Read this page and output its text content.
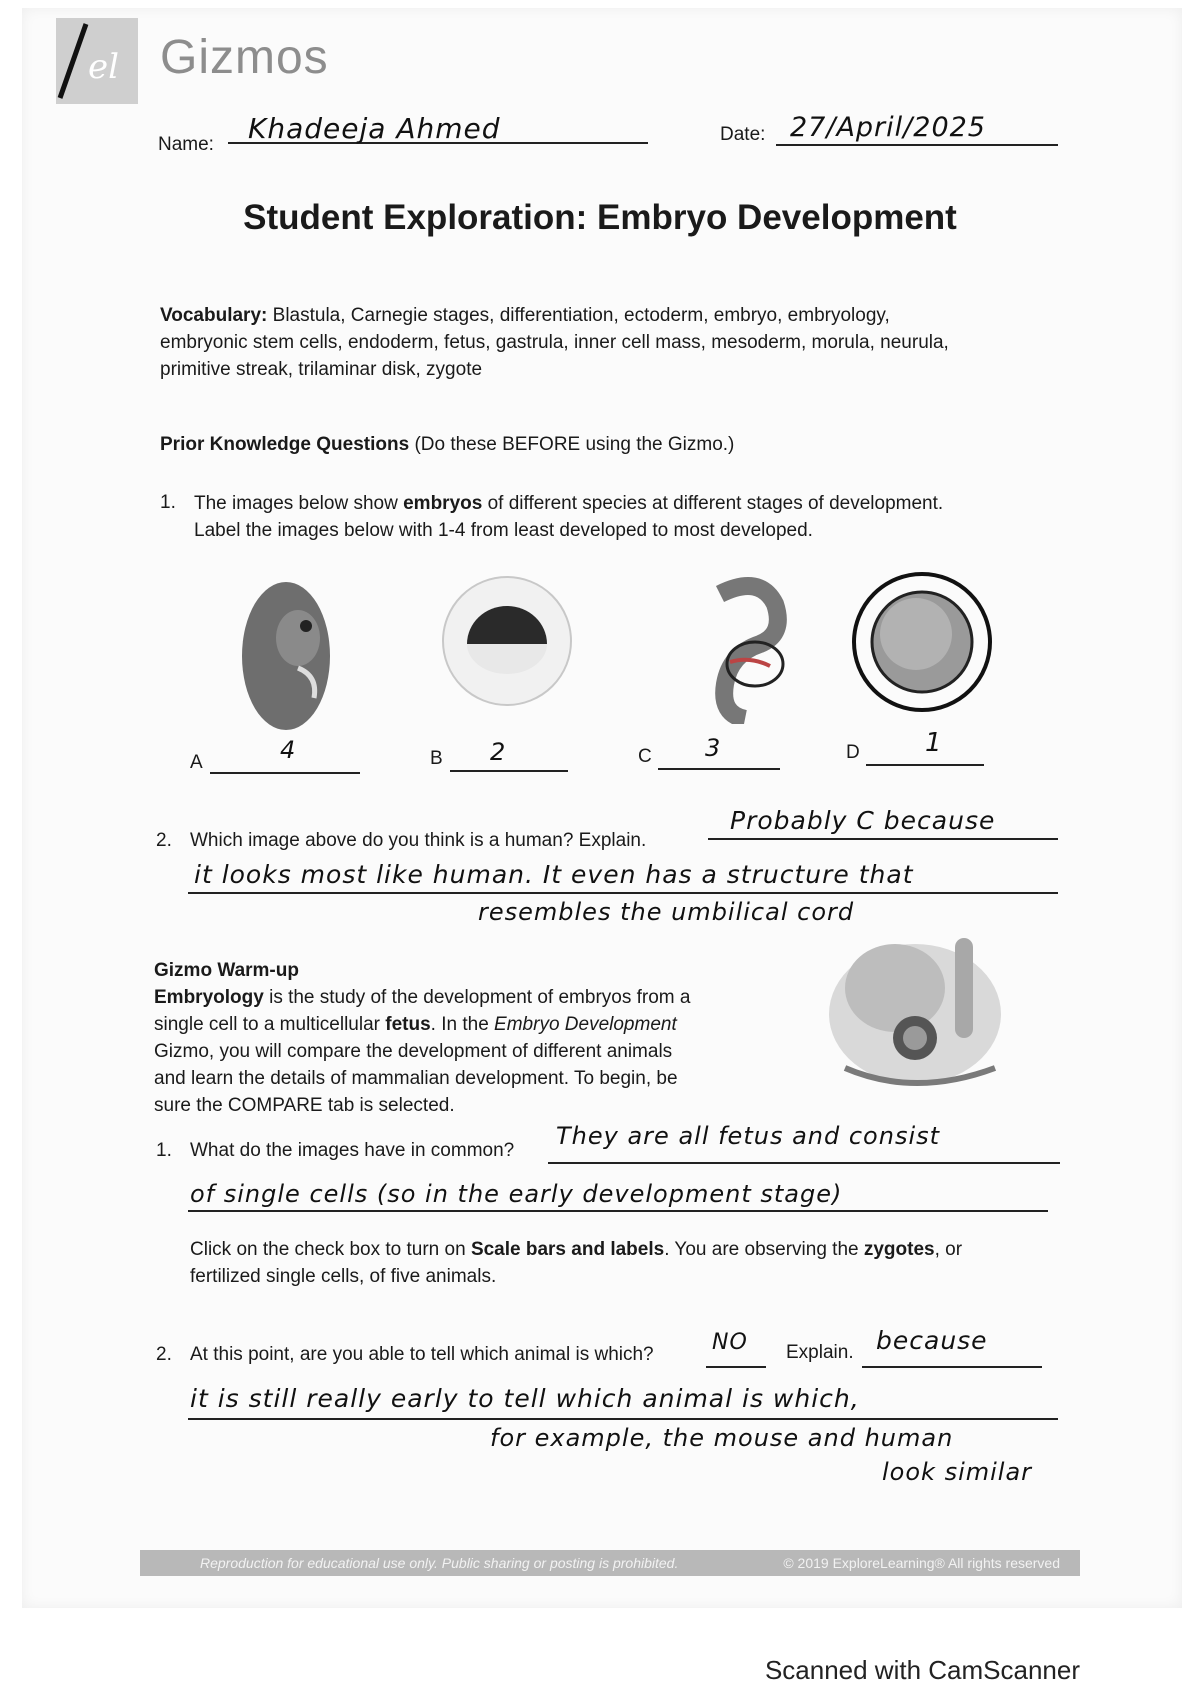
el Gizmos
Name: Khadeeja Ahmed	Date: 27/April/2025
Student Exploration: Embryo Development
Vocabulary: Blastula, Carnegie stages, differentiation, ectoderm, embryo, embryology,
embryonic stem cells, endoderm, fetus, gastrula, inner cell mass, mesoderm, morula, neurula,
primitive streak, trilaminar disk, zygote
Prior Knowledge Questions (Do these BEFORE using the Gizmo.)
1. The images below show embryos of different species at different stages of development.
Label the images below with 1-4 from least developed to most developed.
A	4	B 2	C 3	D	1
2. Which image above do you think is a human? Explain.
Probably C because
it looks most like human. It even has a structure that
resembles the umbilical cord
Gizmo Warm-up
Embryology is the study of the development of embryos from a
single cell to a multicellular fetus. In the Embryo Development
Gizmo, you will compare the development of different animals
and learn the details of mammalian development. To begin, be
sure the COMPARE tab is selected.
1. What do the images have in common?
They are all fetus and consist
of single cells (so in the early development stage)
Click on the check box to turn on Scale bars and labels. You are observing the zygotes, or
fertilized single cells, of five animals.
2. At this point, are you able to tell which animal is which?	NO Explain. because
it is still really early to tell which animal is which,
for example, the mouse and human
look similar
Reproduction for educational use only. Public sharing or posting is prohibited.	© 2019 ExploreLearning® All rights reserved
Scanned with CamScanner
